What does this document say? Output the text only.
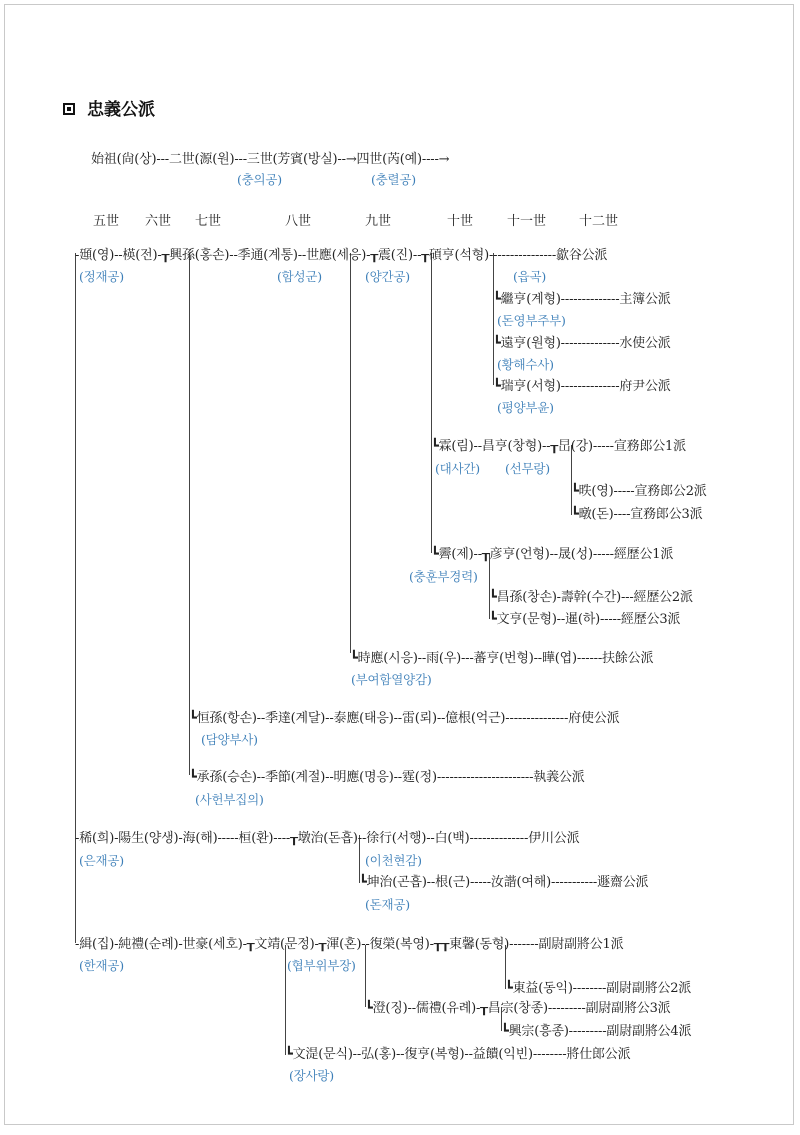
忠義公派
始祖(尙(상)---二世(源(원)---三世(芳賓(방실)--→四世(芮(예)----→
(충의공)	(충렬공)
五世 六世 七世	八世	九世	十世	十一世	十二世
-頲(영)--楧(전)-┰興孫(홍손)--季通(계통)--世應(세응)-┰震(진)--┰碩亨(석형)----------------歙谷公派
(정재공)	(함성군)	(양간공)	(읍곡)
┗繼亨(계형)--------------主簿公派
(돈영부주부)
┗遠亨(원형)--------------水使公派
(황해수사)
┗瑞亨(서형)--------------府尹公派
(평양부윤)
┗霖(림)--昌亨(창형)--┰旵(강)-----宣務郎公1派
(대사간) (선무랑)
┗昳(영)-----宣務郎公2派
┗暾(돈)----宣務郎公3派
┗霽(제)--┰彦亨(언형)--晟(성)-----經歷公1派
(충훈부경력)
┗昌孫(창손)-壽幹(수간)---經歷公2派
┗文亨(문형)--暹(하)-----經歷公3派
┗時應(시응)--雨(우)---蕃亨(번형)--曄(엽)------扶餘公派
(부여함열양감)
┗恒孫(항손)--季達(계달)--泰應(태응)--雷(뢰)--億根(억근)---------------府使公派
(담양부사)
┗承孫(승손)--季節(계절)--明應(명응)--霆(정)-----------------------執義公派
(사헌부집의)
-稀(희)-陽生(양생)-海(해)-----桓(환)----┰墩治(돈흡)--徐行(서행)--白(백)--------------伊川公派
(은재공)	(이천현감)
┗坤治(곤흡)--根(근)-----汝諧(여해)-----------遯齋公派
(돈재공)
-緝(집)-純禮(순례)-世豪(세호)-┰文靖(문정)-┰渾(혼)--復榮(복영)-┰┰東馨(동형)-------副尉副將公1派
(한재공)	(협부위부장)
┗東益(동익)--------副尉副將公2派
┗澄(징)--儒禮(유례)-┰昌宗(창종)---------副尉副將公3派
┗興宗(흥종)---------副尉副將公4派
┗文湜(문식)--弘(홍)--復亨(복형)--益饋(익빈)--------將仕郎公派
(장사랑)
